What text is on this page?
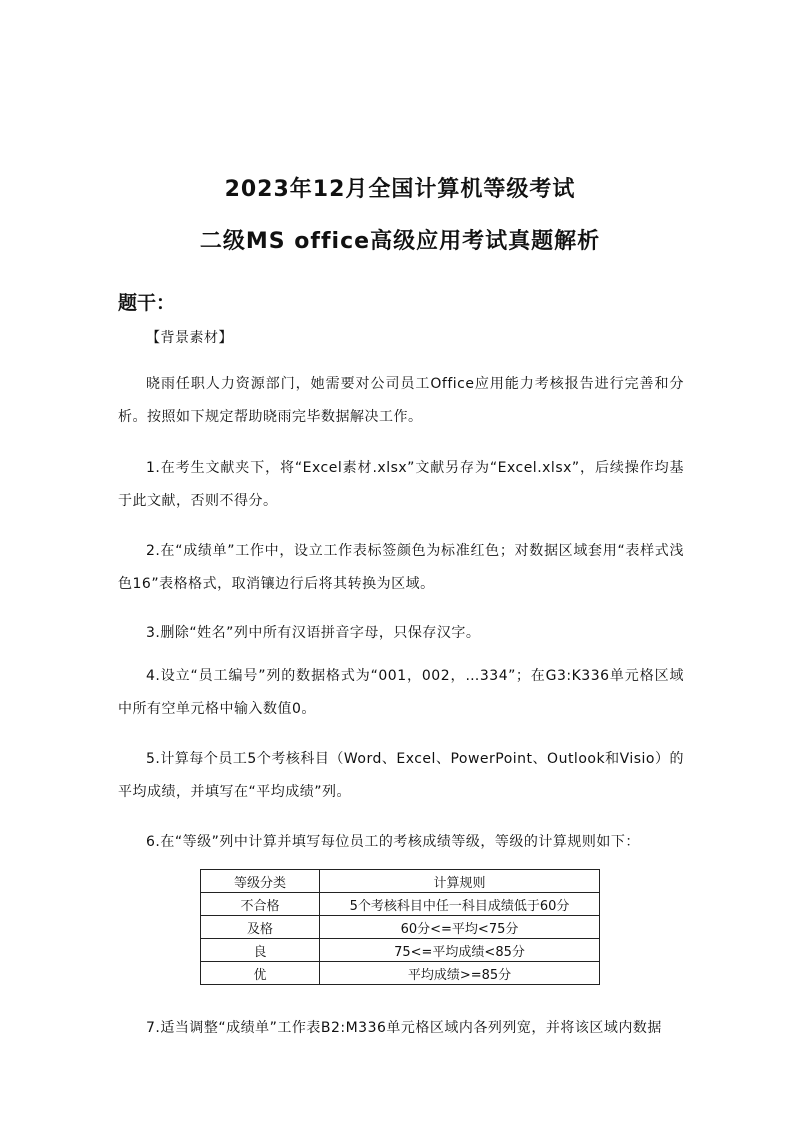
2023年12月全国计算机等级考试
二级MS office高级应用考试真题解析
题干：

【背景素材】

晓雨任职人力资源部门，她需要对公司员工Office应用能力考核报告进行完善和分析。按照如下规定帮助晓雨完毕数据解决工作。

1.在考生文献夹下，将“Excel素材.xlsx”文献另存为“Excel.xlsx”，后续操作均基于此文献，否则不得分。

2.在“成绩单”工作中，设立工作表标签颜色为标准红色；对数据区域套用“表样式浅色16”表格格式，取消镶边行后将其转换为区域。

3.删除“姓名”列中所有汉语拼音字母，只保存汉字。

4.设立“员工编号”列的数据格式为“001，002，…334”；在G3:K336单元格区域中所有空单元格中输入数值0。

5.计算每个员工5个考核科目（Word、Excel、PowerPoint、Outlook和Visio）的平均成绩，并填写在“平均成绩”列。

6.在“等级”列中计算并填写每位员工的考核成绩等级，等级的计算规则如下：

等级分类	计算规则
不合格	5个考核科目中任一科目成绩低于60分
及格	60分<=平均<75分
良	75<=平均成绩<85分
优	平均成绩>=85分

7.适当调整“成绩单”工作表B2:M336单元格区域内各列列宽，并将该区域内数据
